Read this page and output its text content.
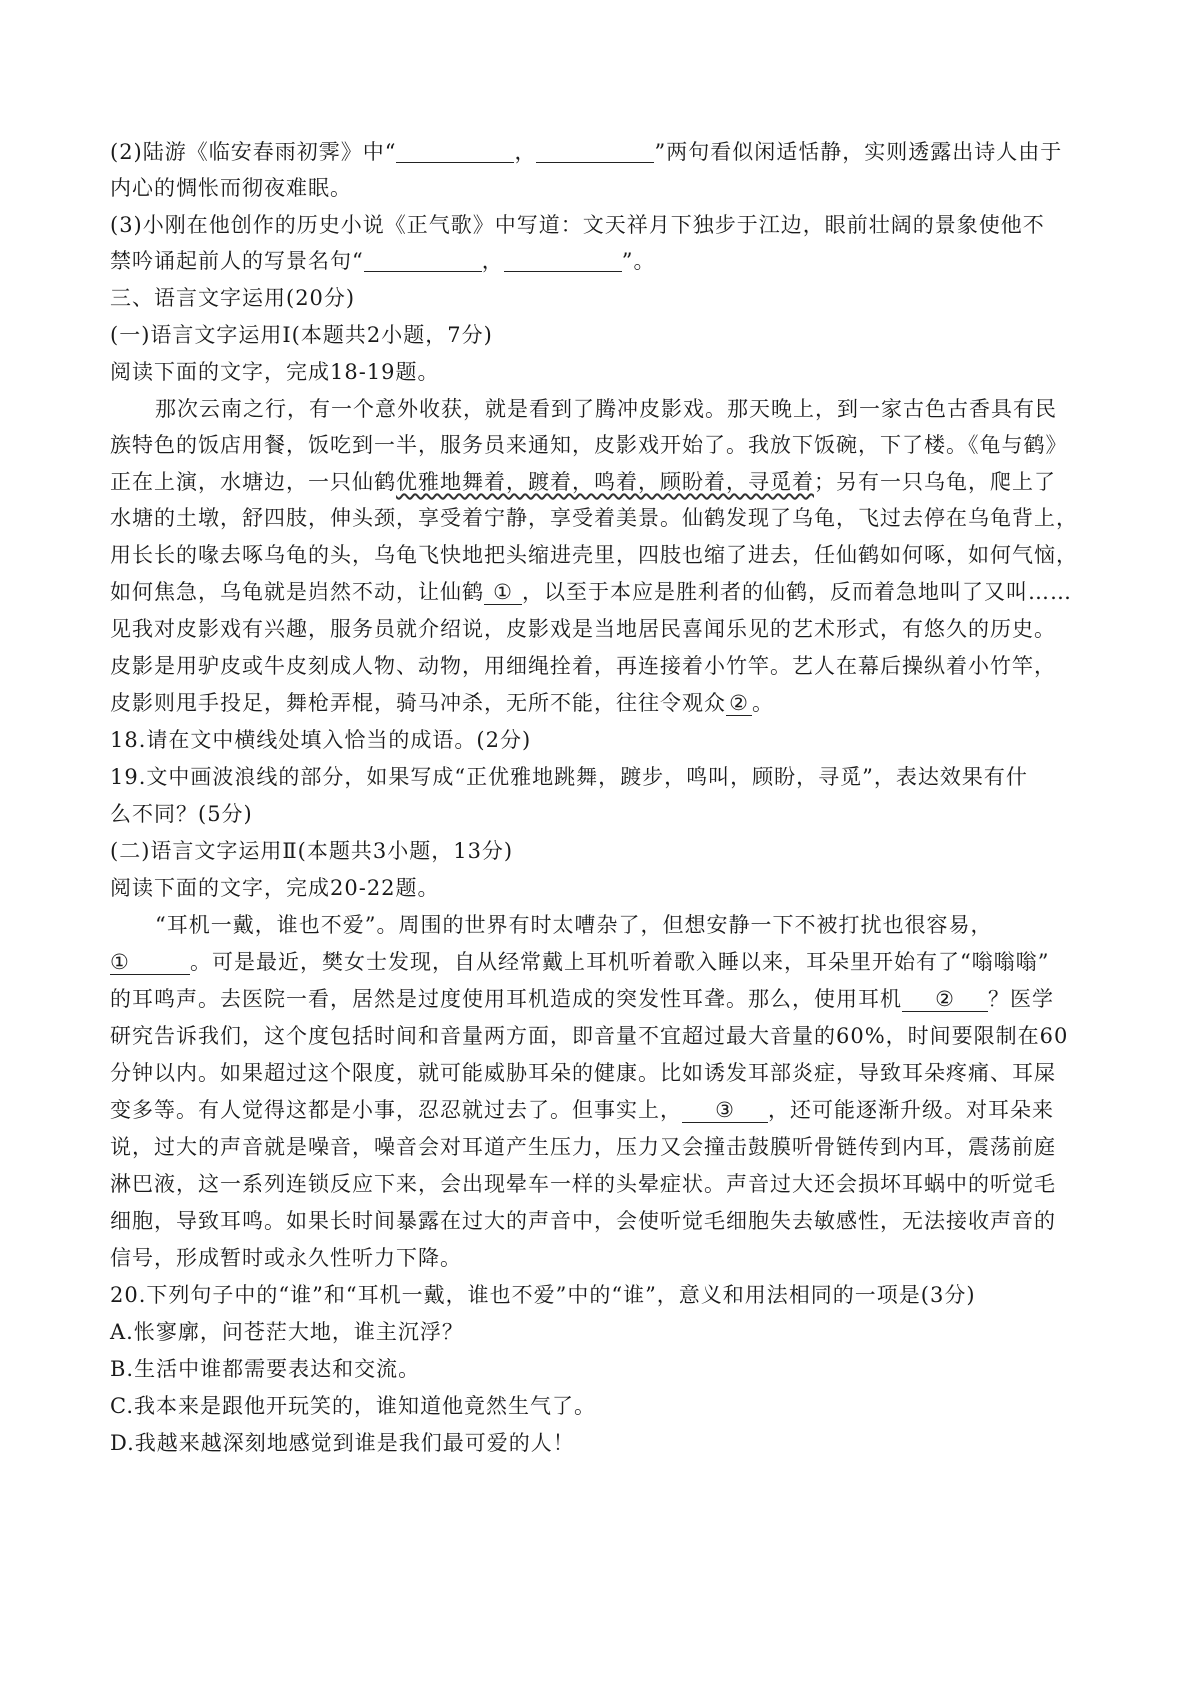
(2)陆游《临安春雨初霁》中“	，	”两句看似闲适恬静，实则透露出诗人由于
内心的惆怅而彻夜难眠。
(3)小刚在他创作的历史小说《正气歌》中写道：文天祥月下独步于江边，眼前壮阔的景象使他不
禁吟诵起前人的写景名句“	，	”。
三、语言文字运用(20分)
(一)语言文字运用Ⅰ(本题共2小题，7分)
阅读下面的文字，完成18-19题。
那次云南之行，有一个意外收获，就是看到了腾冲皮影戏。那天晚上，到一家古色古香具有民
族特色的饭店用餐，饭吃到一半，服务员来通知，皮影戏开始了。我放下饭碗，下了楼。《龟与鹤》
正在上演，水塘边，一只仙鹤优雅地舞着，踱着，鸣着，顾盼着，寻觅着；另有一只乌龟，爬上了
水塘的土墩，舒四肢，伸头颈，享受着宁静，享受着美景。仙鹤发现了乌龟，飞过去停在乌龟背上，
用长长的喙去啄乌龟的头，乌龟飞快地把头缩进壳里，四肢也缩了进去，任仙鹤如何啄，如何气恼，
如何焦急，乌龟就是岿然不动，让仙鹤 ① ，以至于本应是胜利者的仙鹤，反而着急地叫了又叫……
见我对皮影戏有兴趣，服务员就介绍说，皮影戏是当地居民喜闻乐见的艺术形式，有悠久的历史。
皮影是用驴皮或牛皮刻成人物、动物，用细绳拴着，再连接着小竹竿。艺人在幕后操纵着小竹竿，
皮影则甩手投足，舞枪弄棍，骑马冲杀，无所不能，往往令观众 ② 。
18.请在文中横线处填入恰当的成语。(2分)
19.文中画波浪线的部分，如果写成“正优雅地跳舞，踱步，鸣叫，顾盼，寻觅”，表达效果有什
么不同？(5分)
(二)语言文字运用Ⅱ(本题共3小题，13分)
阅读下面的文字，完成20-22题。
“耳机一戴，谁也不爱”。周围的世界有时太嘈杂了，但想安静一下不被打扰也很容易，
①	。可是最近，樊女士发现，自从经常戴上耳机听着歌入睡以来，耳朵里开始有了“嗡嗡嗡”
的耳鸣声。去医院一看，居然是过度使用耳机造成的突发性耳聋。那么，使用耳机 ② ？医学
研究告诉我们，这个度包括时间和音量两方面，即音量不宜超过最大音量的60%，时间要限制在60
分钟以内。如果超过这个限度，就可能威胁耳朵的健康。比如诱发耳部炎症，导致耳朵疼痛、耳屎
变多等。有人觉得这都是小事，忍忍就过去了。但事实上， ③ ，还可能逐渐升级。对耳朵来
说，过大的声音就是噪音，噪音会对耳道产生压力，压力又会撞击鼓膜听骨链传到内耳，震荡前庭
淋巴液，这一系列连锁反应下来，会出现晕车一样的头晕症状。声音过大还会损坏耳蜗中的听觉毛
细胞，导致耳鸣。如果长时间暴露在过大的声音中，会使听觉毛细胞失去敏感性，无法接收声音的
信号，形成暂时或永久性听力下降。
20.下列句子中的“谁”和“耳机一戴，谁也不爱”中的“谁”，意义和用法相同的一项是(3分)
A.怅寥廓，问苍茫大地，谁主沉浮？
B.生活中谁都需要表达和交流。
C.我本来是跟他开玩笑的，谁知道他竟然生气了。
D.我越来越深刻地感觉到谁是我们最可爱的人！
